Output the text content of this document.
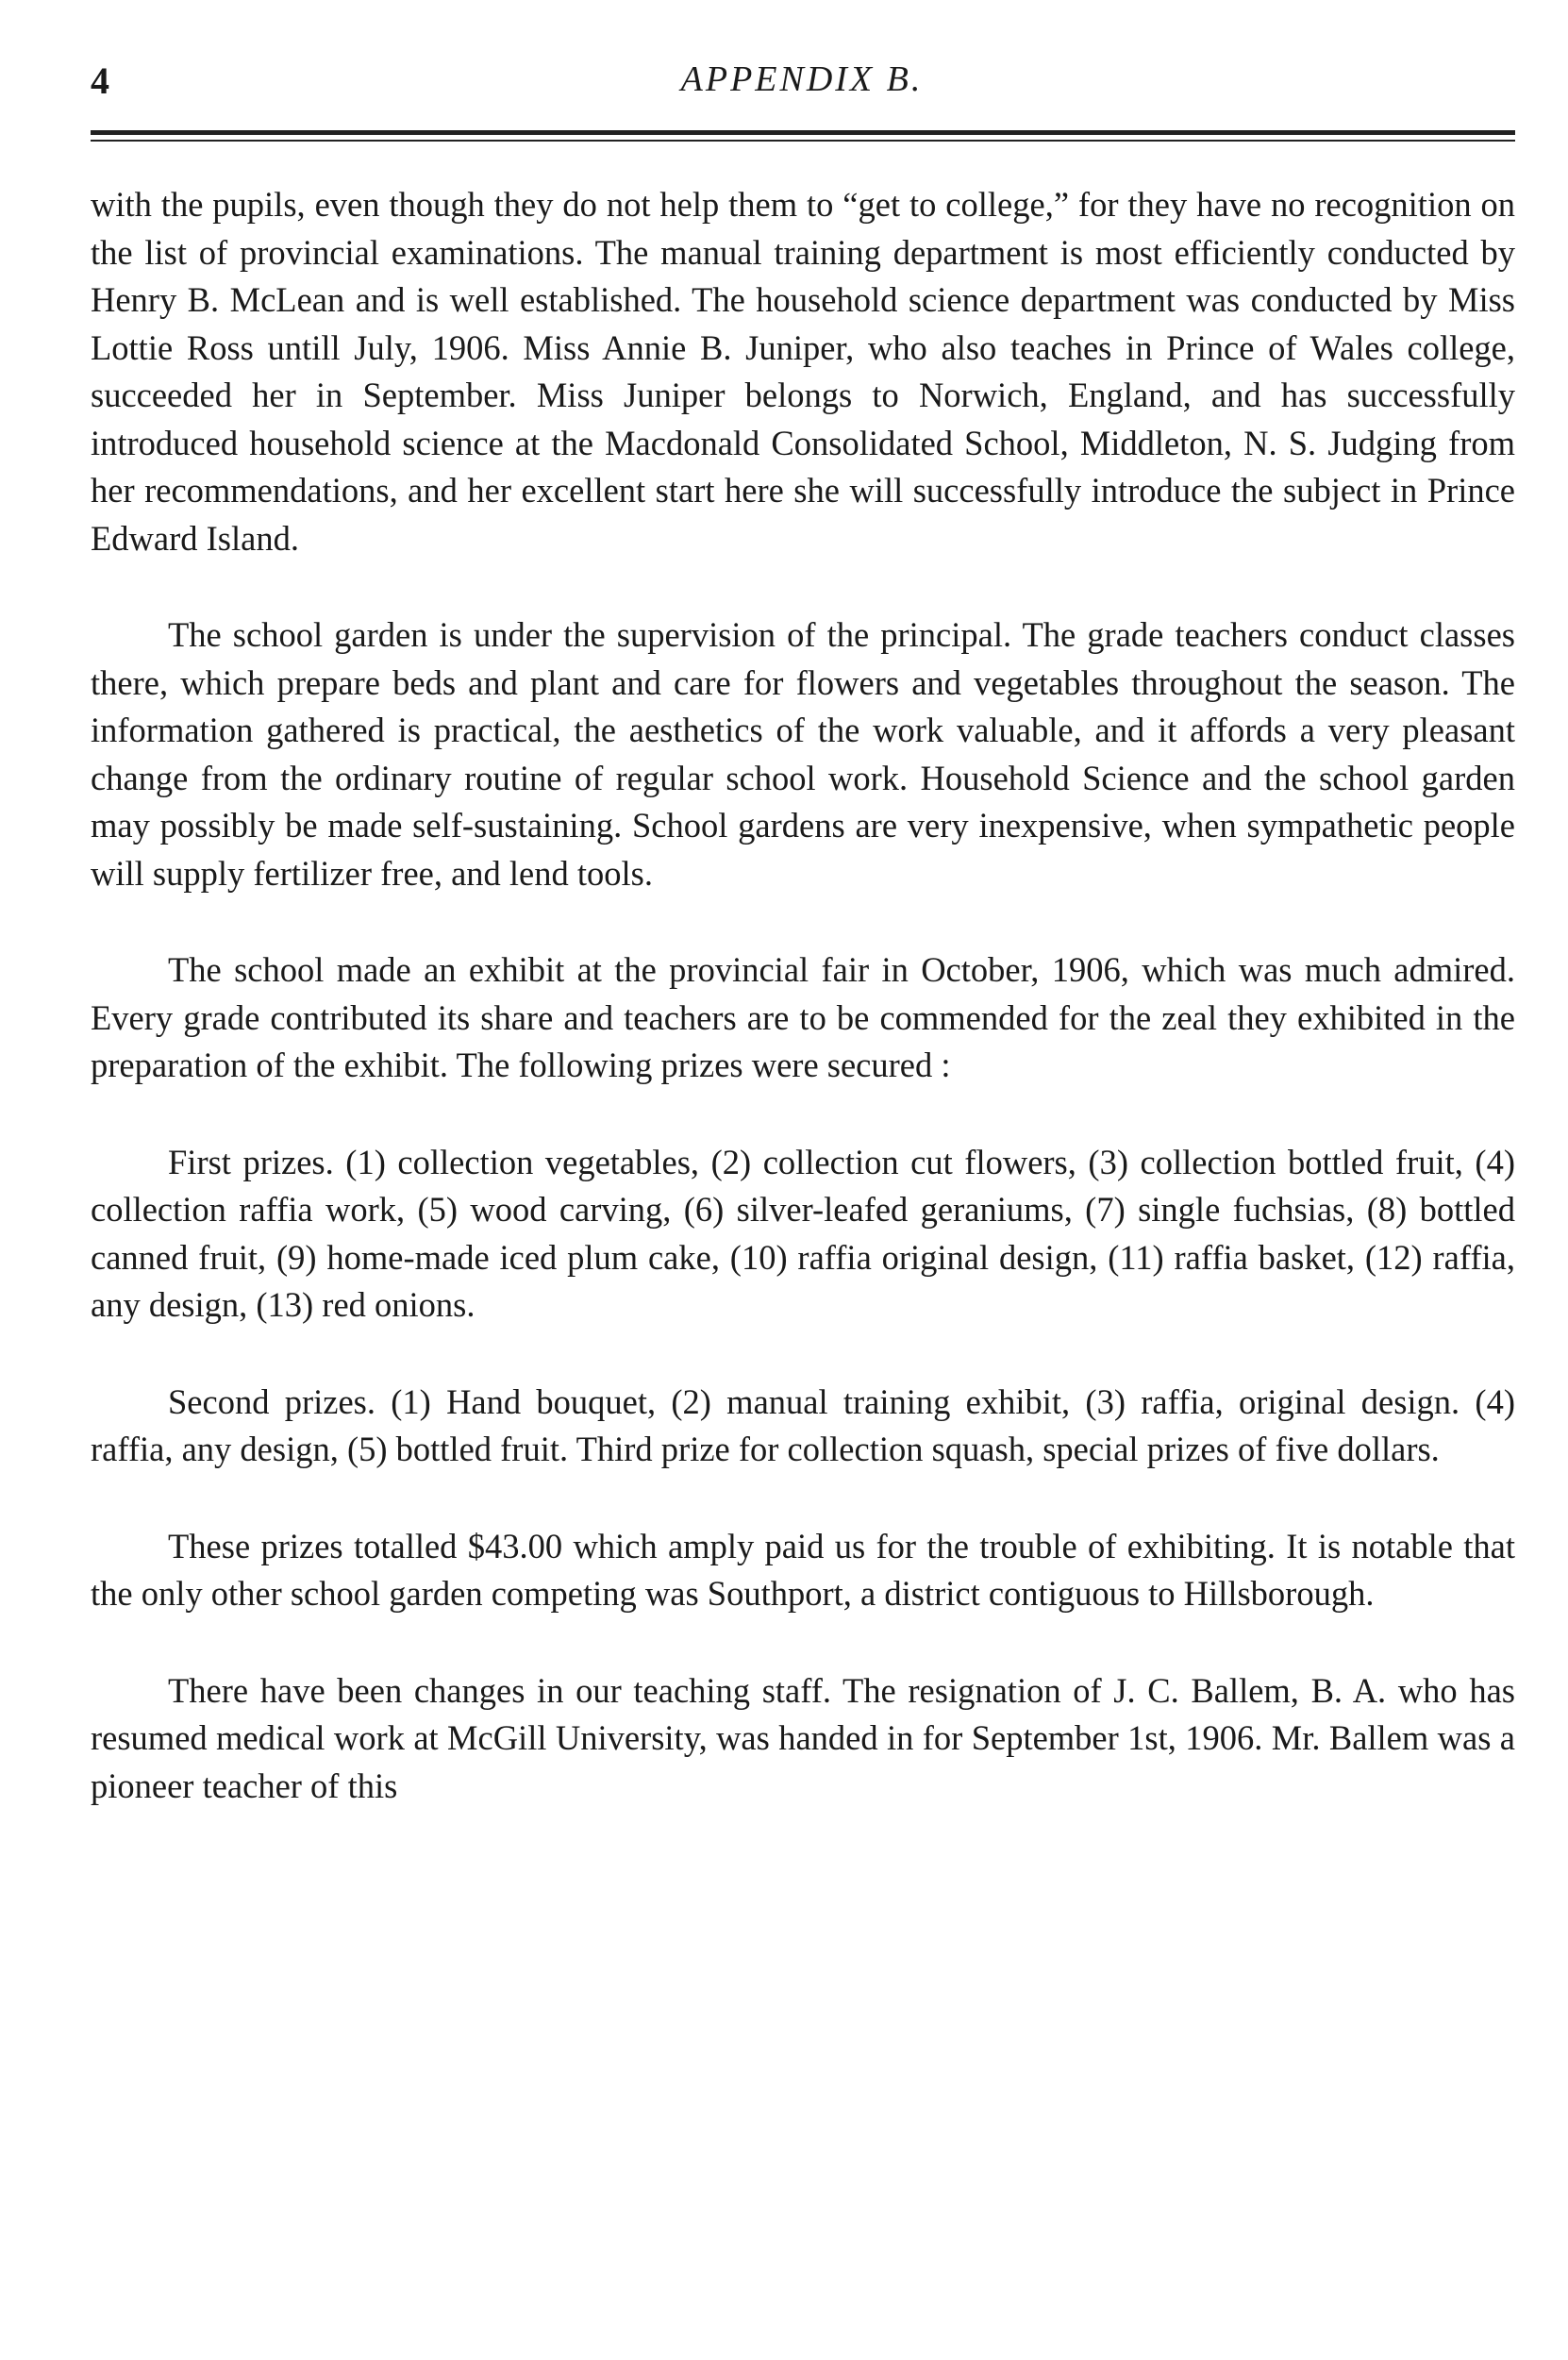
4	APPENDIX B.

with the pupils, even though they do not help them to “get to college,” for they have no recognition on the list of provincial examinations. The manual training department is most efficiently conducted by Henry B. McLean and is well established. The household science department was conducted by Miss Lottie Ross untill July, 1906. Miss Annie B. Juniper, who also teaches in Prince of Wales college, succeeded her in September. Miss Juniper belongs to Norwich, England, and has successfully introduced household science at the Macdonald Consolidated School, Middleton, N. S. Judging from her recommendations, and her excellent start here she will successfully introduce the subject in Prince Edward Island.

The school garden is under the supervision of the principal. The grade teachers conduct classes there, which prepare beds and plant and care for flowers and vegetables throughout the season. The information gathered is practical, the aesthetics of the work valuable, and it affords a very pleasant change from the ordinary routine of regular school work. Household Science and the school garden may possibly be made self-sustaining. School gardens are very inexpensive, when sympathetic people will supply fertilizer free, and lend tools.

The school made an exhibit at the provincial fair in October, 1906, which was much admired. Every grade contributed its share and teachers are to be commended for the zeal they exhibited in the preparation of the exhibit. The following prizes were secured :

First prizes. (1) collection vegetables, (2) collection cut flowers, (3) collection bottled fruit, (4) collection raffia work, (5) wood carving, (6) silver-leafed geraniums, (7) single fuchsias, (8) bottled canned fruit, (9) home-made iced plum cake, (10) raffia original design, (11) raffia basket, (12) raffia, any design, (13) red onions.

Second prizes. (1) Hand bouquet, (2) manual training exhibit, (3) raffia, original design. (4) raffia, any design, (5) bottled fruit. Third prize for collection squash, special prizes of five dollars.

These prizes totalled $43.00 which amply paid us for the trouble of exhibiting. It is notable that the only other school garden competing was Southport, a district contiguous to Hillsborough.

There have been changes in our teaching staff. The resignation of J. C. Ballem, B. A. who has resumed medical work at McGill University, was handed in for September 1st, 1906. Mr. Ballem was a pioneer teacher of this
